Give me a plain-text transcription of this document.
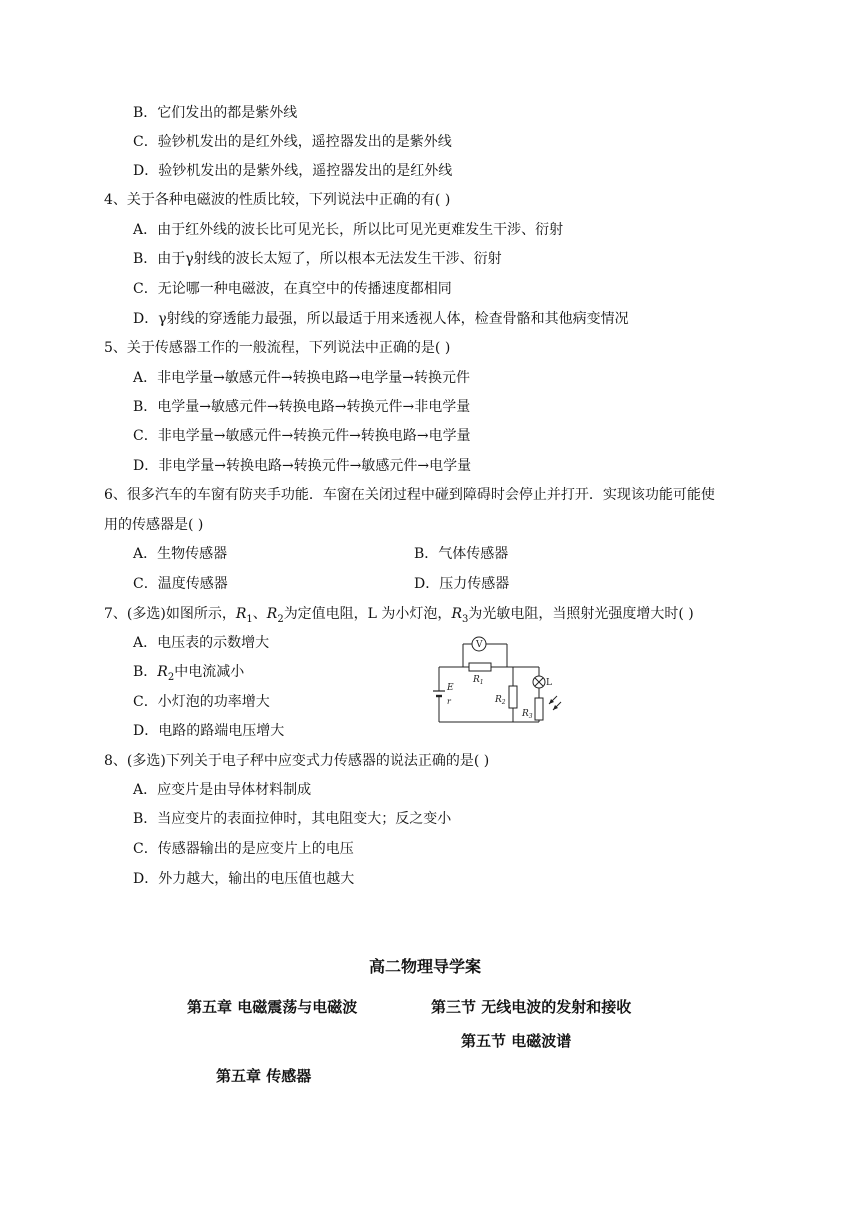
B．它们发出的都是紫外线
C．验钞机发出的是红外线，遥控器发出的是紫外线
D．验钞机发出的是紫外线，遥控器发出的是红外线
4、关于各种电磁波的性质比较，下列说法中正确的有( )
A．由于红外线的波长比可见光长，所以比可见光更难发生干涉、衍射
B．由于γ射线的波长太短了，所以根本无法发生干涉、衍射
C．无论哪一种电磁波，在真空中的传播速度都相同
D．γ射线的穿透能力最强，所以最适于用来透视人体，检查骨骼和其他病变情况
5、关于传感器工作的一般流程，下列说法中正确的是( )
A．非电学量→敏感元件→转换电路→电学量→转换元件
B．电学量→敏感元件→转换电路→转换元件→非电学量
C．非电学量→敏感元件→转换元件→转换电路→电学量
D．非电学量→转换电路→转换元件→敏感元件→电学量
6、很多汽车的车窗有防夹手功能．车窗在关闭过程中碰到障碍时会停止并打开．实现该功能可能使
用的传感器是( )
A．生物传感器	B．气体传感器
C．温度传感器	D．压力传感器
7、(多选)如图所示，$R_1$、$R_2$为定值电阻，L 为小灯泡，$R_3$为光敏电阻，当照射光强度增大时( )
A．电压表的示数增大
B．$R_2$中电流减小
C．小灯泡的功率增大
D．电路的路端电压增大
V
$R_1$
E
r	$R_2$
$R_3$
L
8、(多选)下列关于电子秤中应变式力传感器的说法正确的是( )
A．应变片是由导体材料制成
B．当应变片的表面拉伸时，其电阻变大；反之变小
C．传感器输出的是应变片上的电压
D．外力越大，输出的电压值也越大
高二物理导学案
第五章 电磁震荡与电磁波	第三节 无线电波的发射和接收
第五节 电磁波谱
第五章 传感器
